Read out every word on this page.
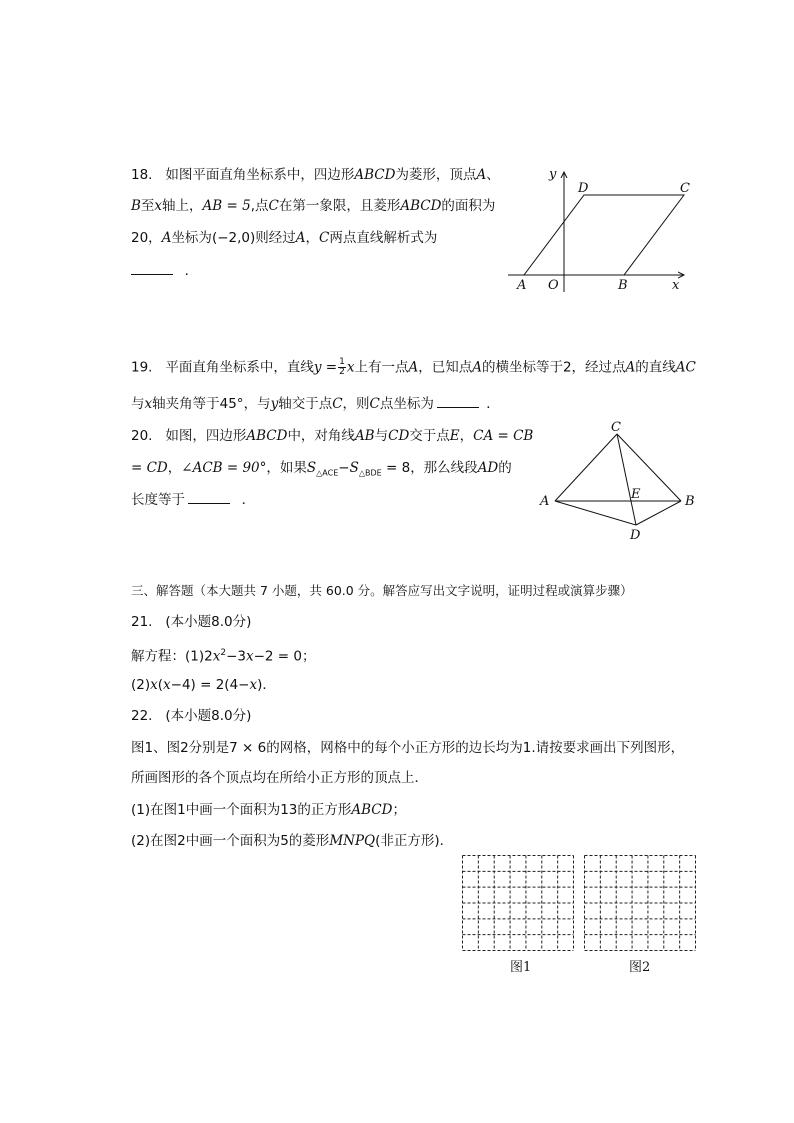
18. 如图平面直角坐标系中，四边形ABCD为菱形，顶点A、
B至x轴上，AB = 5,点C在第一象限，且菱形ABCD的面积为
20，A坐标为(−2,0)则经过A，C两点直线解析式为
．
y
D	C
A O	B	x
19. 平面直角坐标系中，直线$y = \frac{1}{2}$ x上有一点A，已知点A的横坐标等于2，经过点A的直线AC
与x轴夹角等于45°，与y轴交于点C，则C点坐标为	．
20. 如图，四边形ABCD中，对角线AB与CD交于点E，CA = CB
= CD，∠ACB = 90°，如果$S_{\triangle ACE}-S_{\triangle BDE} = 8$，那么线段AD的
长度等于	．
C
A	E	B
D
三、解答题（本大题共 7 小题，共 60.0 分。解答应写出文字说明，证明过程或演算步骤）
21. (本小题8.0分)
解方程：$(1)2x^2-3x-2 = 0$；
(2)x(x−4) = 2(4−x)．
22. (本小题8.0分)
图1、图2分别是7 × 6的网格，网格中的每个小正方形的边长均为1.请按要求画出下列图形，
所画图形的各个顶点均在所给小正方形的顶点上．
(1)在图1中画一个面积为13的正方形ABCD；
(2)在图2中画一个面积为5的菱形MNPQ(非正方形)．
图1	图2
